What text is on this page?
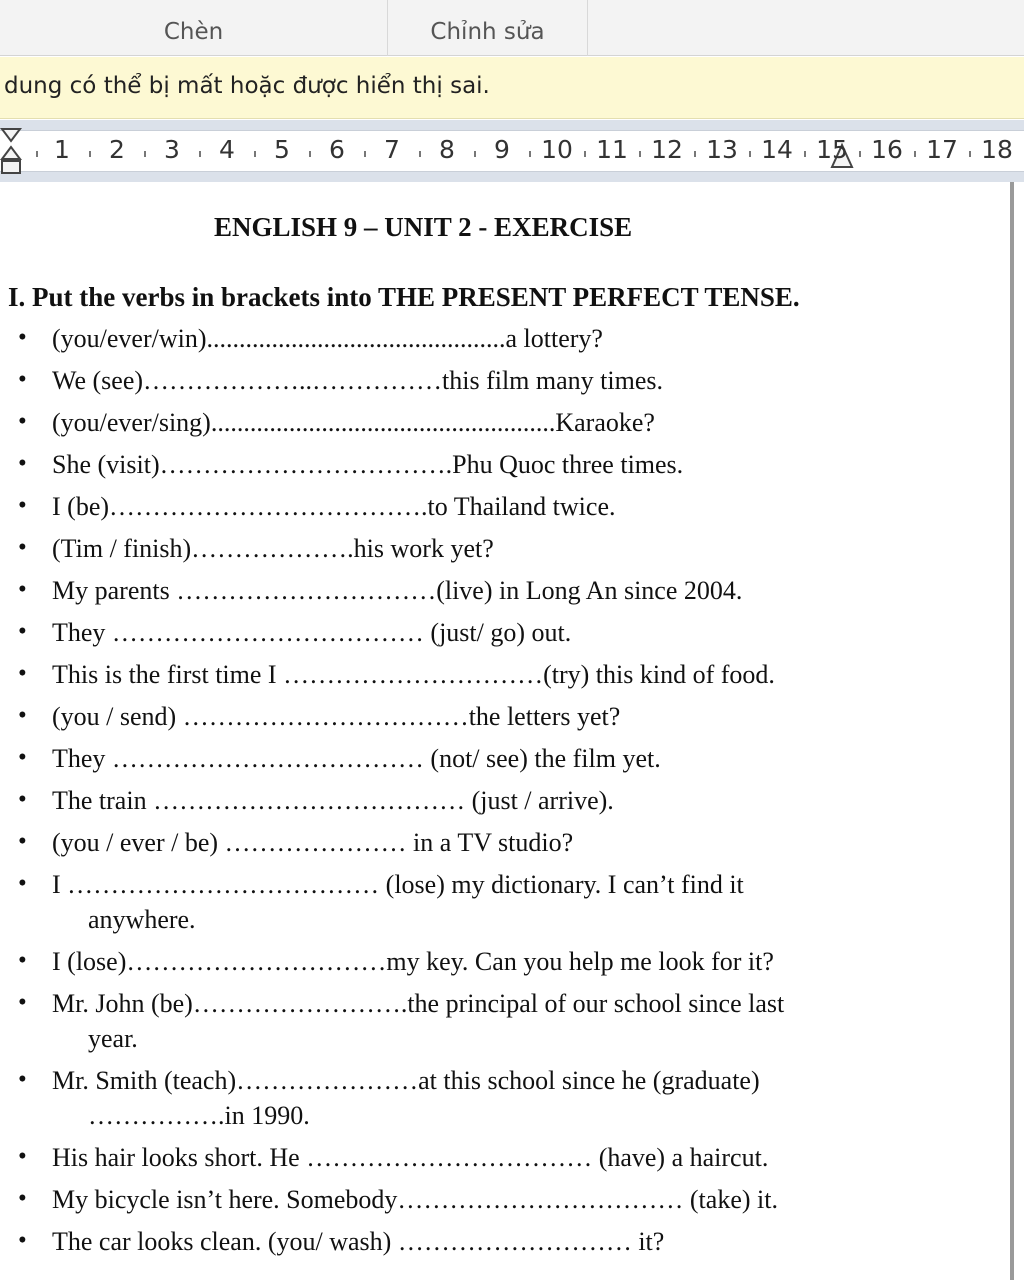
Chèn	Chỉnh sửa
dung có thể bị mất hoặc được hiển thị sai.
1 2 3 4 5 6 7 8 9 10 11 12 13 14 15 16 17 18
ENGLISH 9 – UNIT 2 - EXERCISE
I. Put the verbs in brackets into THE PRESENT PERFECT TENSE.
• (you/ever/win)..............................................a lottery?
• We (see)………………..……………this film many times.
• (you/ever/sing).....................................................Karaoke?
• She (visit)…………………………….Phu Quoc three times.
• I (be)……………………………….to Thailand twice.
• (Tim / finish)……………….his work yet?
• My parents …………………………(live) in Long An since 2004.
• They ……………………………… (just/ go) out.
• This is the first time I …………………………(try) this kind of food.
• (you / send) ……………………………the letters yet?
• They ……………………………… (not/ see) the film yet.
• The train ……………………………… (just / arrive).
• (you / ever / be) ………………… in a TV studio?
• I ……………………………… (lose) my dictionary. I can’t find it
anywhere.
• I (lose)…………………………my key. Can you help me look for it?
• Mr. John (be)…………………….the principal of our school since last
year.
• Mr. Smith (teach)…………………at this school since he (graduate)
…………….in 1990.
• His hair looks short. He …………………………… (have) a haircut.
• My bicycle isn’t here. Somebody…………………………… (take) it.
• The car looks clean. (you/ wash) ……………………… it?
